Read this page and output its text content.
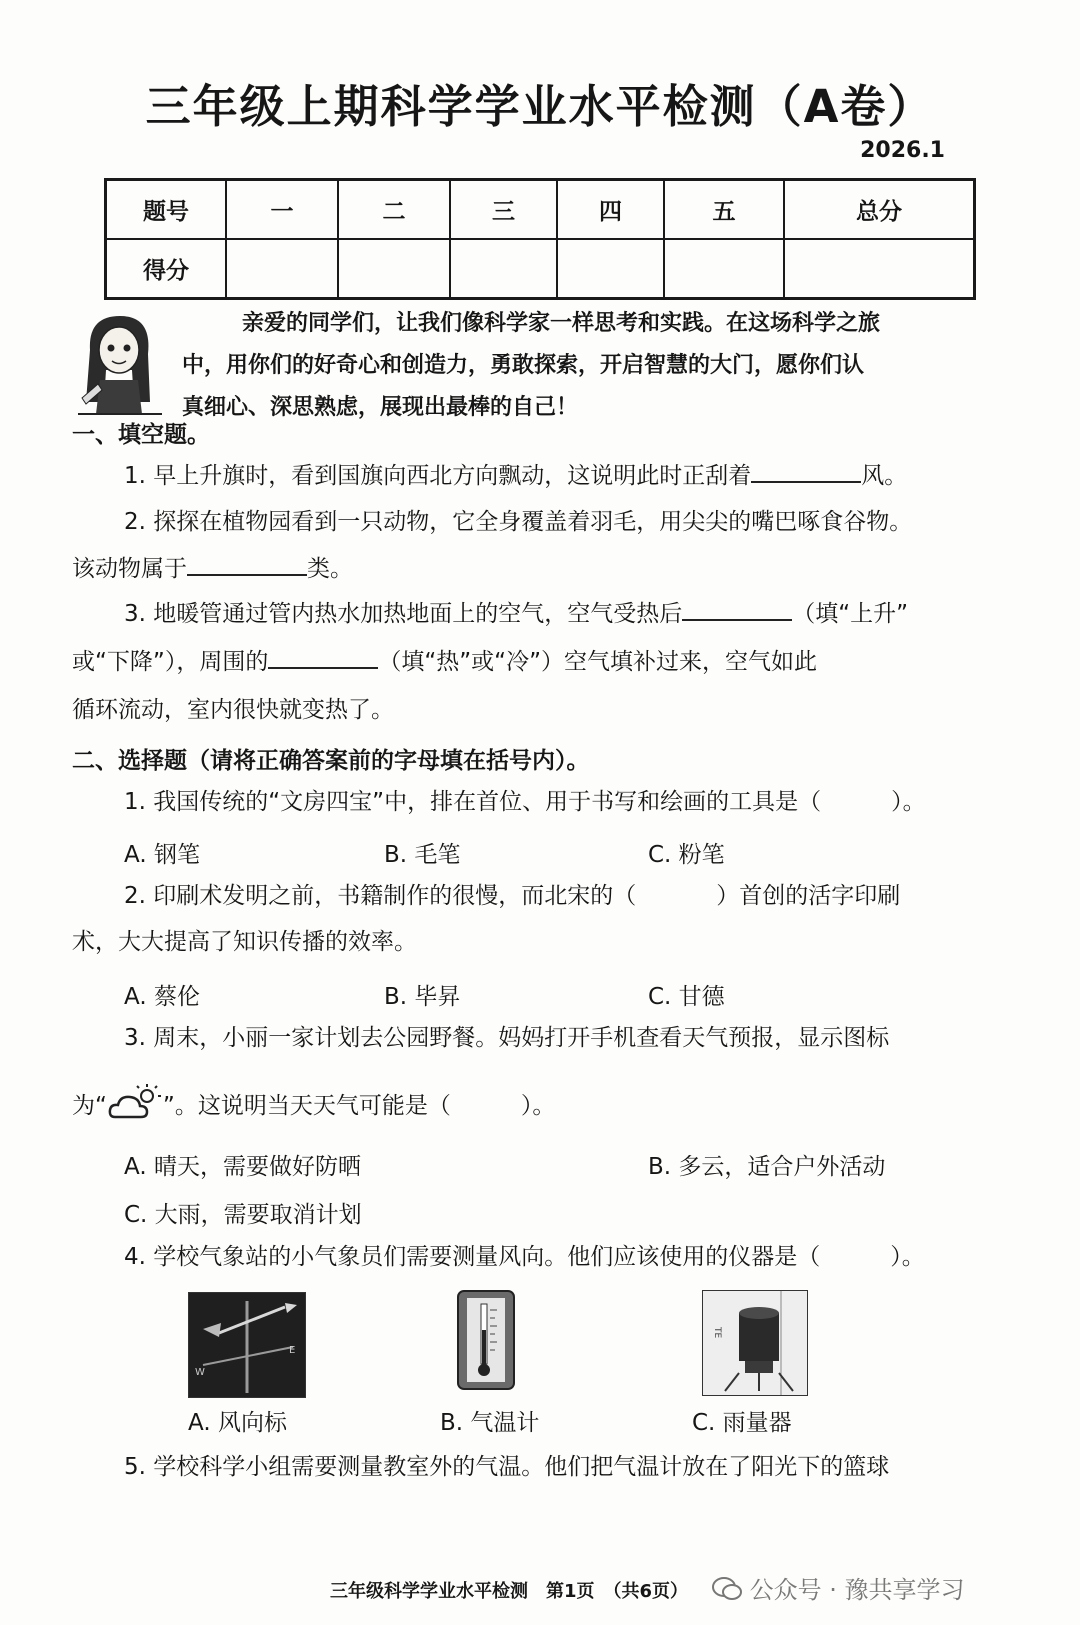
三年级上期科学学业水平检测（A卷）
2026.1
题号	一	二	三	四	五	总分
得分						
亲爱的同学们，让我们像科学家一样思考和实践。在这场科学之旅
中，用你们的好奇心和创造力，勇敢探索，开启智慧的大门，愿你们认
真细心、深思熟虑，展现出最棒的自己！
一、填空题。
1. 早上升旗时，看到国旗向西北方向飘动，这说明此时正刮着	风。
2. 探探在植物园看到一只动物，它全身覆盖着羽毛，用尖尖的嘴巴啄食谷物。
该动物属于	类。
3. 地暖管通过管内热水加热地面上的空气，空气受热后	（填“上升”
或“下降”），周围的	（填“热”或“冷”）空气填补过来，空气如此
循环流动，室内很快就变热了。
二、选择题（请将正确答案前的字母填在括号内）。
1. 我国传统的“文房四宝”中，排在首位、用于书写和绘画的工具是（	）。
A. 钢笔	B. 毛笔	C. 粉笔
2. 印刷术发明之前，书籍制作的很慢，而北宋的（	）首创的活字印刷
术，大大提高了知识传播的效率。
A. 蔡伦	B. 毕昇	C. 甘德
3. 周末，小丽一家计划去公园野餐。妈妈打开手机查看天气预报，显示图标
为“ ”。这说明当天天气可能是（	）。
A. 晴天，需要做好防晒	B. 多云，适合户外活动
C. 大雨，需要取消计划
4. 学校气象站的小气象员们需要测量风向。他们应该使用的仪器是（	）。
W
E
TE
A. 风向标	B. 气温计	C. 雨量器
5. 学校科学小组需要测量教室外的气温。他们把气温计放在了阳光下的篮球
三年级科学学业水平检测　第1页　（共6页）	公众号 · 豫共享学习
